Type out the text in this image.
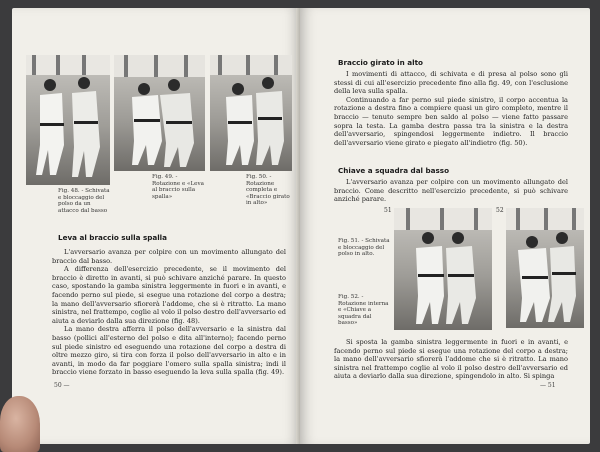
Fig. 48. - Schivata e bloccaggio del polso da un attacco dal basso
Fig. 49. - Rotazione e «Leva al braccio sulla spalla»
Fig. 50. - Rotazione completa e «Braccio girato in alto»
Leva al braccio sulla spalla

L'avversario avanza per colpire con un movimento allungato del braccio dal basso.

A differenza dell'esercizio precedente, se il movimento del braccio è diretto in avanti, si può schivare anziché parare. In questo caso, spostando la gamba sinistra leggermente in fuori e in avanti, e facendo perno sul piede, si esegue una rotazione del corpo a destra; la mano dell'avversario sfiorerà l'addome, che si è ritratto. La mano sinistra, nel frattempo, coglie al volo il polso destro dell'avversario ed aiuta a deviarlo dalla sua direzione (fig. 48).

La mano destra afferra il polso dell'avversario e la sinistra dal basso (pollici all'esterno del polso e dita all'interno); facendo perno sul piede sinistro ed eseguendo una rotazione del corpo a destra di oltre mezzo giro, si tira con forza il polso dell'avversario in alto e in avanti, in modo da far poggiare l'omero sulla spalla sinistra; indi il braccio viene forzato in basso eseguendo la leva sulla spalla (fig. 49).

50 —
Braccio girato in alto

I movimenti di attacco, di schivata e di presa al polso sono gli stessi di cui all'esercizio precedente fino alla fig. 49, con l'esclusione della leva sulla spalla.

Continuando a far perno sul piede sinistro, il corpo accentua la rotazione a destra fino a compiere quasi un giro completo, mentre il braccio — tenuto sempre ben saldo al polso — viene fatto passare sopra la testa. La gamba destra passa tra la sinistra e la destra dell'avversario, spingendosi leggermente indietro. Il braccio dell'avversario viene girato e piegato all'indietro (fig. 50).

Chiave a squadra dal basso

L'avversario avanza per colpire con un movimento allungato del braccio. Come descritto nell'esercizio precedente, si può schivare anziché parare.

51	52
Fig. 51. - Schivata e bloccaggio del polso in alto.
Fig. 52. - Rotazione interna e «Chiave a squadra dal basso»

Si sposta la gamba sinistra leggermente in fuori e in avanti, e facendo perno sul piede si esegue una rotazione del corpo a destra; la mano dell'avversario sfiorerà l'addome che si è ritratto. La mano sinistra nel frattempo coglie al volo il polso destro dell'avversario ed aiuta a deviarlo dalla sua direzione, spingendolo in alto. Si spinga

— 51
